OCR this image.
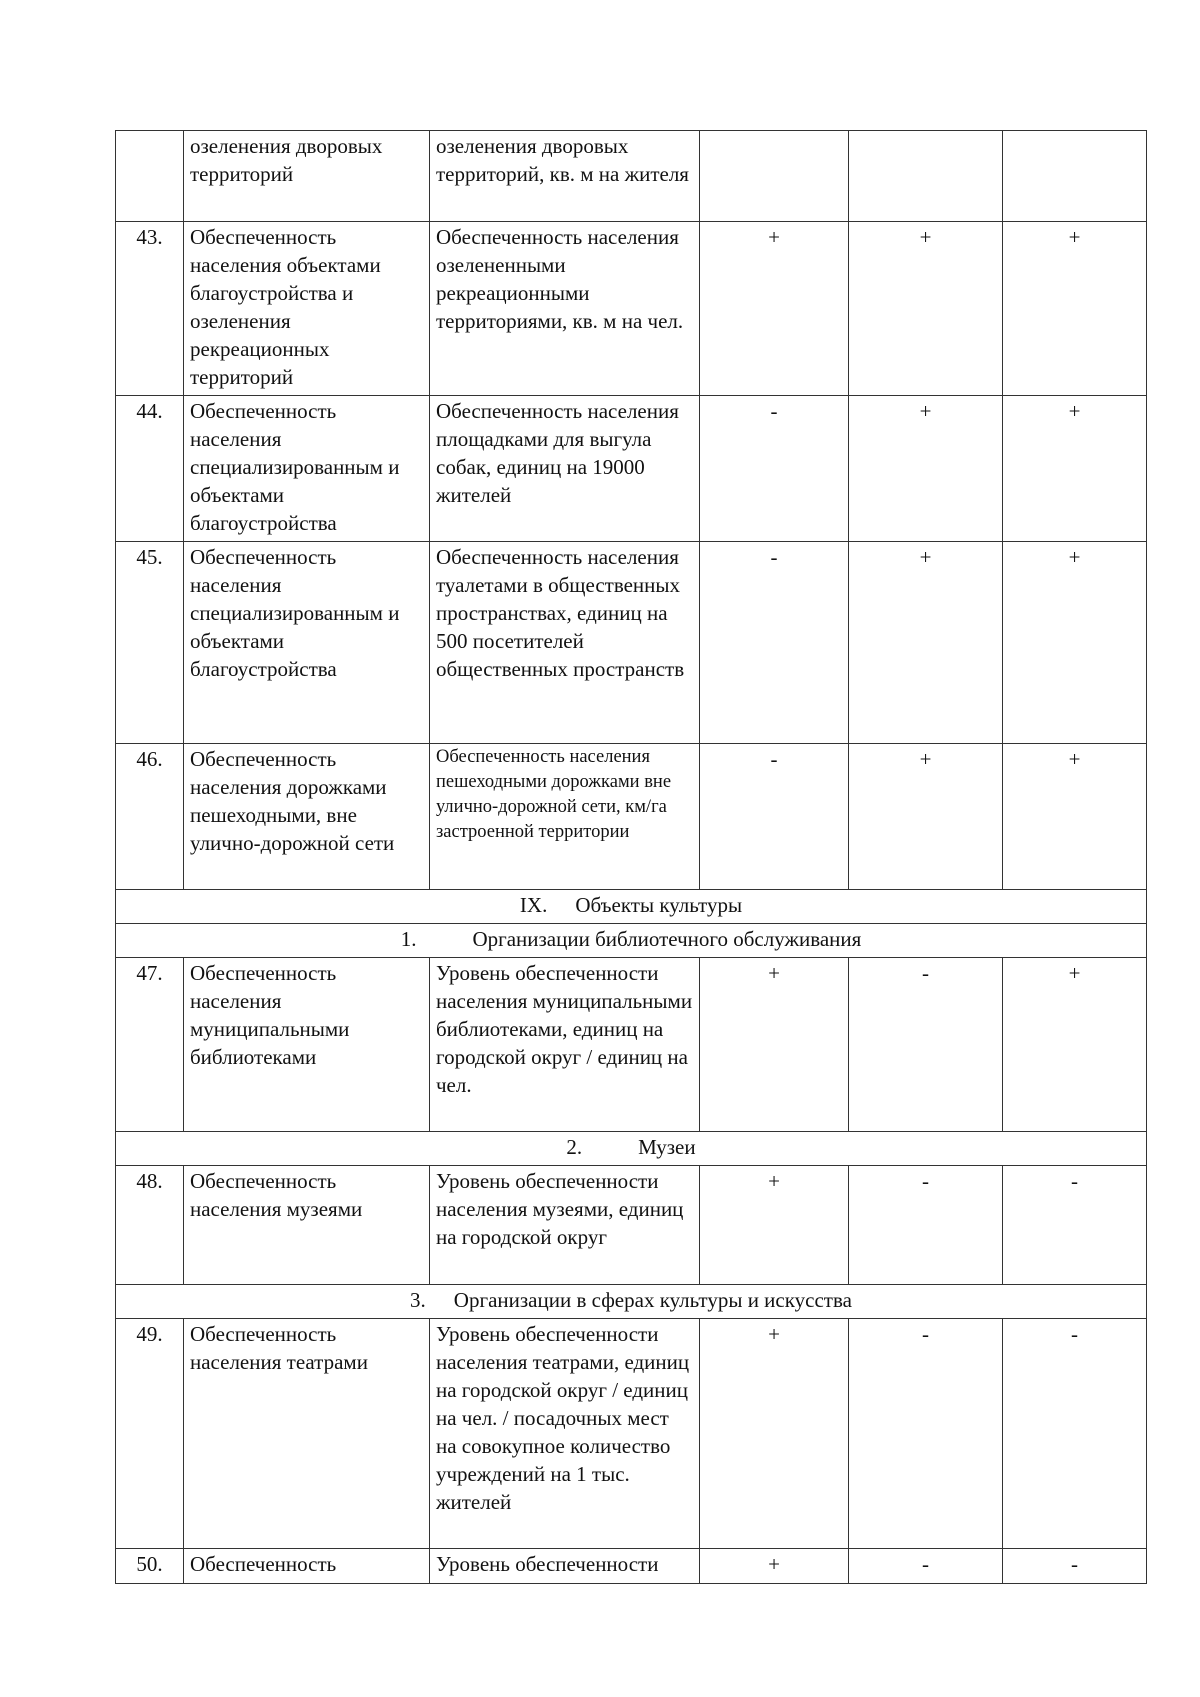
	озеленения дворовых территорий	озеленения дворовых территорий, кв. м на жителя			
43.	Обеспеченность населения объектами благоустройства и озеленения рекреационных территорий	Обеспеченность населения озелененными рекреационными территориями, кв. м на чел.	+	+	+
44.	Обеспеченность населения специализированным и объектами благоустройства	Обеспеченность населения площадками для выгула собак, единиц на 19000 жителей	-	+	+
45.	Обеспеченность населения специализированным и объектами благоустройства	Обеспеченность населения туалетами в общественных пространствах, единиц на 500 посетителей общественных пространств	-	+	+
46.	Обеспеченность населения дорожками пешеходными, вне улично-дорожной сети	Обеспеченность населения пешеходными дорожками вне улично-дорожной сети, км/га застроенной территории	-	+	+
IX. Объекты культуры					
1. Организации библиотечного обслуживания					
47.	Обеспеченность населения муниципальными библиотеками	Уровень обеспеченности населения муниципальными библиотеками, единиц на городской округ / единиц на чел.	+	-	+
2. Музеи					
48.	Обеспеченность населения музеями	Уровень обеспеченности населения музеями, единиц на городской округ	+	-	-
3. Организации в сферах культуры и искусства					
49.	Обеспеченность населения театрами	Уровень обеспеченности населения театрами, единиц на городской округ / единиц на чел. / посадочных мест на совокупное количество учреждений на 1 тыс. жителей	+	-	-
50.	Обеспеченность	Уровень обеспеченности	+	-	-
